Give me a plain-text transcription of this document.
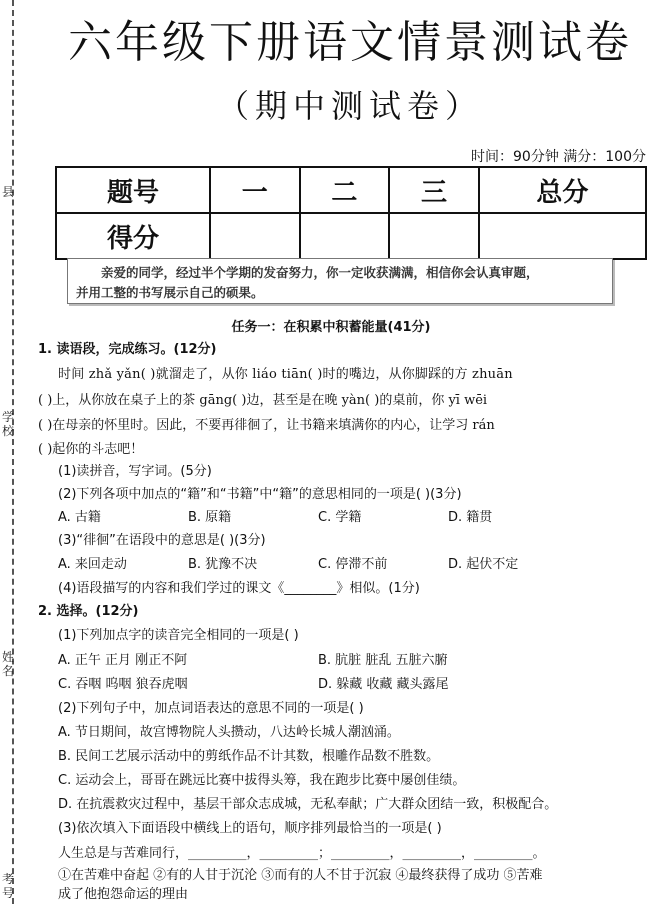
县
学校
姓名
考号
六年级下册语文情景测试卷
（期中测试卷）
时间：90分钟 满分：100分
题号	一	二	三	总分
得分				
亲爱的同学，经过半个学期的发奋努力，你一定收获满满，相信你会认真审题，
并用工整的书写展示自己的硕果。
任务一：在积累中积蓄能量(41分)
1. 读语段，完成练习。(12分)
时间 zhǎ yǎn( )就溜走了，从你 liáo tiān( )时的嘴边，从你脚踩的方 zhuān
( )上，从你放在桌子上的茶 gāng( )边，甚至是在晚 yàn( )的桌前，你 yī wēi
( )在母亲的怀里时。因此，不要再徘徊了，让书籍来填满你的内心，让学习 rán
( )起你的斗志吧！
(1)读拼音，写字词。(5分)
(2)下列各项中加点的“籍”和“书籍”中“籍”的意思相同的一项是( )(3分)
A. 古籍	B. 原籍	C. 学籍	D. 籍贯
(3)“徘徊”在语段中的意思是( )(3分)
A. 来回走动	B. 犹豫不决	C. 停滞不前	D. 起伏不定
(4)语段描写的内容和我们学过的课文《________》相似。(1分)
2. 选择。(12分)
(1)下列加点字的读音完全相同的一项是( )
A. 正午 正月 刚正不阿	B. 肮脏 脏乱 五脏六腑
C. 吞咽 呜咽 狼吞虎咽	D. 躲藏 收藏 藏头露尾
(2)下列句子中，加点词语表达的意思不同的一项是( )
A. 节日期间，故宫博物院人头攒动，八达岭长城人潮汹涌。
B. 民间工艺展示活动中的剪纸作品不计其数，根雕作品数不胜数。
C. 运动会上，哥哥在跳远比赛中拔得头筹，我在跑步比赛中屡创佳绩。
D. 在抗震救灾过程中，基层干部众志成城，无私奉献；广大群众团结一致，积极配合。
(3)依次填入下面语段中横线上的语句，顺序排列最恰当的一项是( )
人生总是与苦难同行，_________，_________；_________，_________，_________。
①在苦难中奋起 ②有的人甘于沉沦 ③而有的人不甘于沉寂 ④最终获得了成功 ⑤苦难
成了他抱怨命运的理由
